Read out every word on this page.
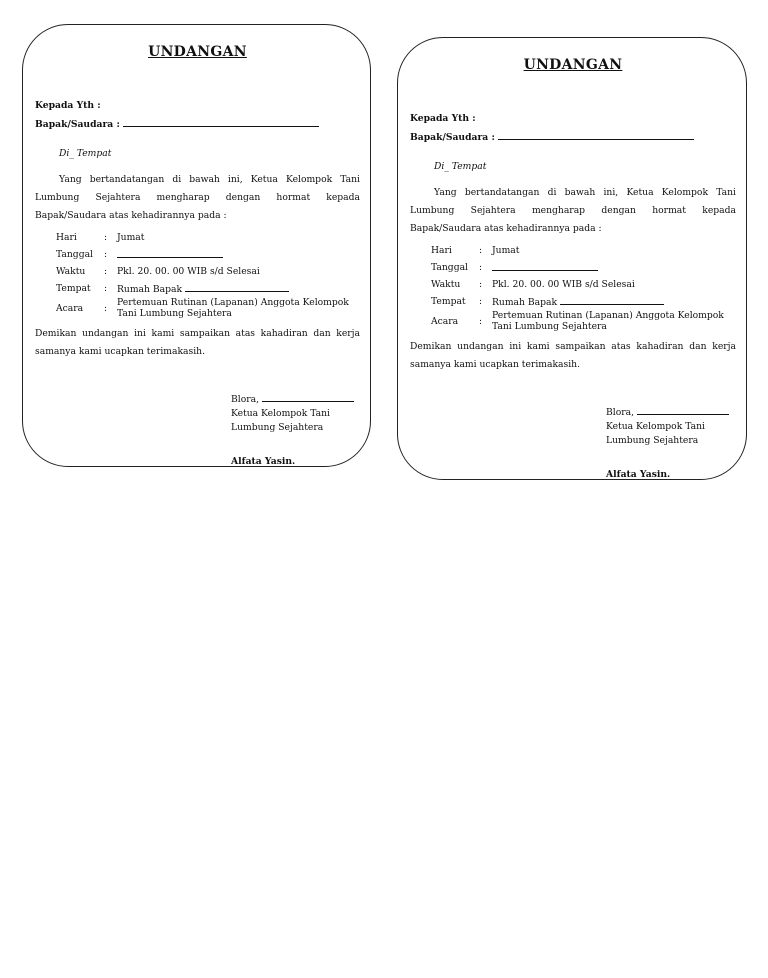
UNDANGAN

Kepada Yth :
Bapak/Saudara :
Di_ Tempat

Yang bertandatangan di bawah ini, Ketua Kelompok Tani Lumbung Sejahtera mengharap dengan hormat kepada Bapak/Saudara atas kehadirannya pada :

Hari	:	Jumat
Tanggal	:	
Waktu	:	Pkl. 20. 00. 00 WIB s/d Selesai
Tempat	:	Rumah Bapak
Acara	:	Pertemuan Rutinan (Lapanan) Anggota Kelompok Tani Lumbung Sejahtera

Demikan undangan ini kami sampaikan atas kahadiran dan kerja samanya kami ucapkan terimakasih.

Blora,
Ketua Kelompok Tani
Lumbung Sejahtera
Alfata Yasin.

UNDANGAN

Kepada Yth :
Bapak/Saudara :
Di_ Tempat

Yang bertandatangan di bawah ini, Ketua Kelompok Tani Lumbung Sejahtera mengharap dengan hormat kepada Bapak/Saudara atas kehadirannya pada :

Hari	:	Jumat
Tanggal	:	
Waktu	:	Pkl. 20. 00. 00 WIB s/d Selesai
Tempat	:	Rumah Bapak
Acara	:	Pertemuan Rutinan (Lapanan) Anggota Kelompok Tani Lumbung Sejahtera

Demikan undangan ini kami sampaikan atas kahadiran dan kerja samanya kami ucapkan terimakasih.

Blora,
Ketua Kelompok Tani
Lumbung Sejahtera
Alfata Yasin.
